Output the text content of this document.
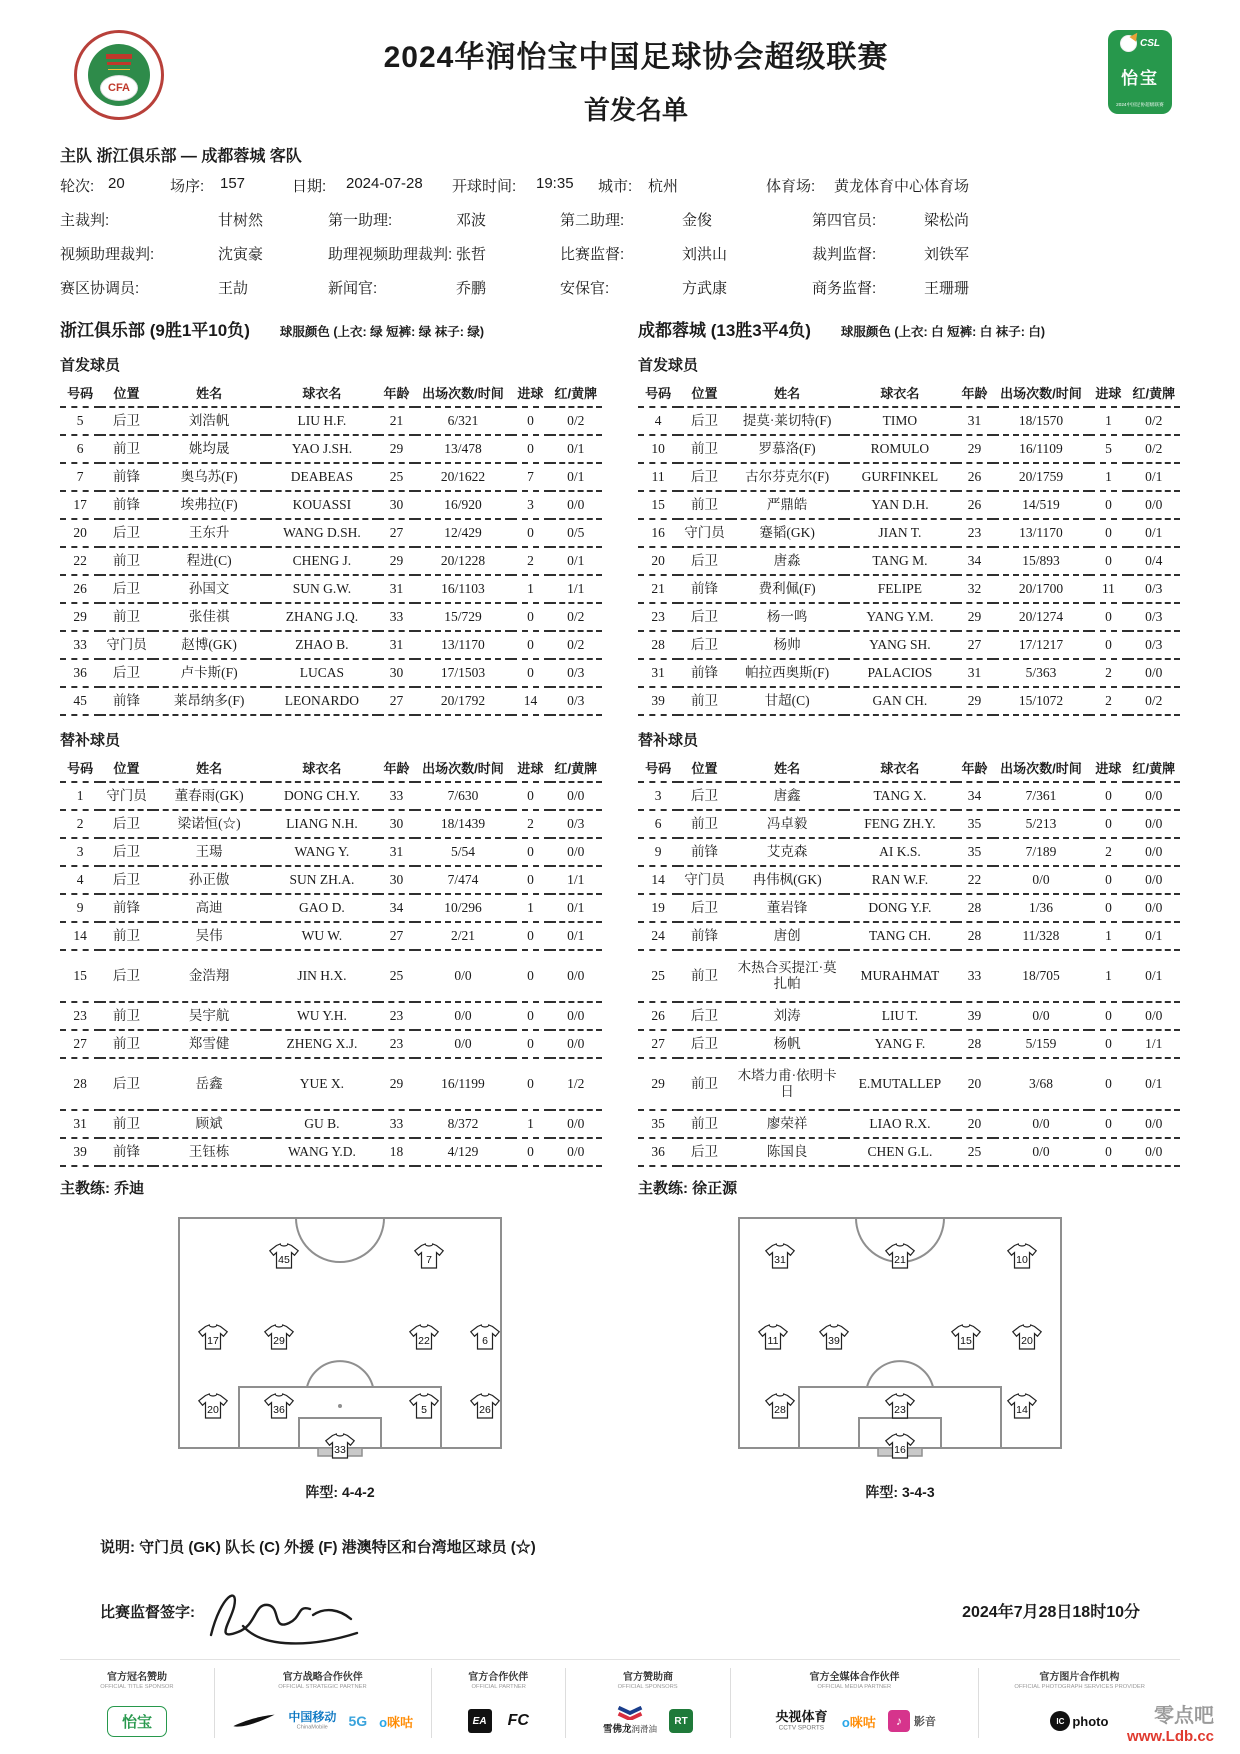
CFA
2024华润怡宝中国足球协会超级联赛
首发名单
CSL
怡宝
2024中国足协超级联赛
主队 浙江俱乐部 — 成都蓉城 客队
轮次: 20	场序:	157	日期:	2024-07-28 开球时间:	19:35 城市:	杭州	体育场:	黄龙体育中心体育场
主裁判:	甘树然	第一助理:	邓波	第二助理:	金俊	第四官员:	梁松尚
视频助理裁判:	沈寅豪	助理视频助理裁判: 张哲	比赛监督:	刘洪山	裁判监督:	刘铁军
赛区协调员:	王劼	新闻官:	乔鹏	安保官:	方武康	商务监督:	王珊珊
浙江俱乐部 (9胜1平10负) 球服颜色 (上衣: 绿 短裤: 绿 袜子: 绿)
首发球员
号码	位置	姓名	球衣名	年龄	出场次数/时间	进球	红/黄牌
5	后卫	刘浩帆	LIU H.F.	21	6/321	0	0/2
6	前卫	姚均晟	YAO J.SH.	29	13/478	0	0/1
7	前锋	奥乌苏(F)	DEABEAS	25	20/1622	7	0/1
17	前锋	埃弗拉(F)	KOUASSI	30	16/920	3	0/0
20	后卫	王东升	WANG D.SH.	27	12/429	0	0/5
22	前卫	程进(C)	CHENG J.	29	20/1228	2	0/1
26	后卫	孙国文	SUN G.W.	31	16/1103	1	1/1
29	前卫	张佳祺	ZHANG J.Q.	33	15/729	0	0/2
33	守门员	赵博(GK)	ZHAO B.	31	13/1170	0	0/2
36	后卫	卢卡斯(F)	LUCAS	30	17/1503	0	0/3
45	前锋	莱昂纳多(F)	LEONARDO	27	20/1792	14	0/3
替补球员
号码	位置	姓名	球衣名	年龄	出场次数/时间	进球	红/黄牌
1	守门员	董春雨(GK)	DONG CH.Y.	33	7/630	0	0/0
2	后卫	梁诺恒(☆)	LIANG N.H.	30	18/1439	2	0/3
3	后卫	王瑒	WANG Y.	31	5/54	0	0/0
4	后卫	孙正傲	SUN ZH.A.	30	7/474	0	1/1
9	前锋	高迪	GAO D.	34	10/296	1	0/1
14	前卫	吴伟	WU W.	27	2/21	0	0/1
15	后卫	金浩翔	JIN H.X.	25	0/0	0	0/0
23	前卫	吴宇航	WU Y.H.	23	0/0	0	0/0
27	前卫	郑雪健	ZHENG X.J.	23	0/0	0	0/0
28	后卫	岳鑫	YUE X.	29	16/1199	0	1/2
31	前卫	顾斌	GU B.	33	8/372	1	0/0
39	前锋	王钰栋	WANG Y.D.	18	4/129	0	0/0
主教练: 乔迪
成都蓉城 (13胜3平4负) 球服颜色 (上衣: 白 短裤: 白 袜子: 白)
首发球员
号码	位置	姓名	球衣名	年龄	出场次数/时间	进球	红/黄牌
4	后卫	提莫·莱切特(F)	TIMO	31	18/1570	1	0/2
10	前卫	罗慕洛(F)	ROMULO	29	16/1109	5	0/2
11	后卫	古尔芬克尔(F)	GURFINKEL	26	20/1759	1	0/1
15	前卫	严鼎皓	YAN D.H.	26	14/519	0	0/0
16	守门员	蹇韬(GK)	JIAN T.	23	13/1170	0	0/1
20	后卫	唐淼	TANG M.	34	15/893	0	0/4
21	前锋	费利佩(F)	FELIPE	32	20/1700	11	0/3
23	后卫	杨一鸣	YANG Y.M.	29	20/1274	0	0/3
28	后卫	杨帅	YANG SH.	27	17/1217	0	0/3
31	前锋	帕拉西奥斯(F)	PALACIOS	31	5/363	2	0/0
39	前卫	甘超(C)	GAN CH.	29	15/1072	2	0/2
替补球员
号码	位置	姓名	球衣名	年龄	出场次数/时间	进球	红/黄牌
3	后卫	唐鑫	TANG X.	34	7/361	0	0/0
6	前卫	冯卓毅	FENG ZH.Y.	35	5/213	0	0/0
9	前锋	艾克森	AI K.S.	35	7/189	2	0/0
14	守门员	冉伟枫(GK)	RAN W.F.	22	0/0	0	0/0
19	后卫	董岩锋	DONG Y.F.	28	1/36	0	0/0
24	前锋	唐创	TANG CH.	28	11/328	1	0/1
25	前卫	木热合买提江·莫扎帕	MURAHMAT	33	18/705	1	0/1
26	后卫	刘涛	LIU T.	39	0/0	0	0/0
27	后卫	杨帆	YANG F.	28	5/159	0	1/1
29	前卫	木塔力甫·依明卡日	E.MUTALLEP	20	3/68	0	0/1
35	前卫	廖荣祥	LIAO R.X.	20	0/0	0	0/0
36	后卫	陈国良	CHEN G.L.	25	0/0	0	0/0
主教练: 徐正源
45	7
17	29	22	6
20	36	5	26
33
阵型: 4-4-2
31	21	10
11	39	15	20
28	23	14
16
阵型: 3-4-3
说明: 守门员 (GK) 队长 (C) 外援 (F) 港澳特区和台湾地区球员 (☆)
比赛监督签字:	2024年7月28日18时10分
官方冠名赞助
OFFICIAL TITLE SPONSOR
怡宝
官方战略合作伙伴
OFFICIAL STRATEGIC PARTNER
中国移动
ChinaMobile 5G o咪咕
官方合作伙伴
OFFICIAL PARTNER
EA	FC
官方赞助商
OFFICIAL SPONSORS
雪佛龙润滑油
RT
官方全媒体合作伙伴
OFFICIAL MEDIA PARTNER
央视体育
CCTV SPORTS o咪咕	♪ 影音
官方图片合作机构
OFFICIAL PHOTOGRAPH SERVICES PROVIDER
IC photo	零点吧
www.Ldb.cc
